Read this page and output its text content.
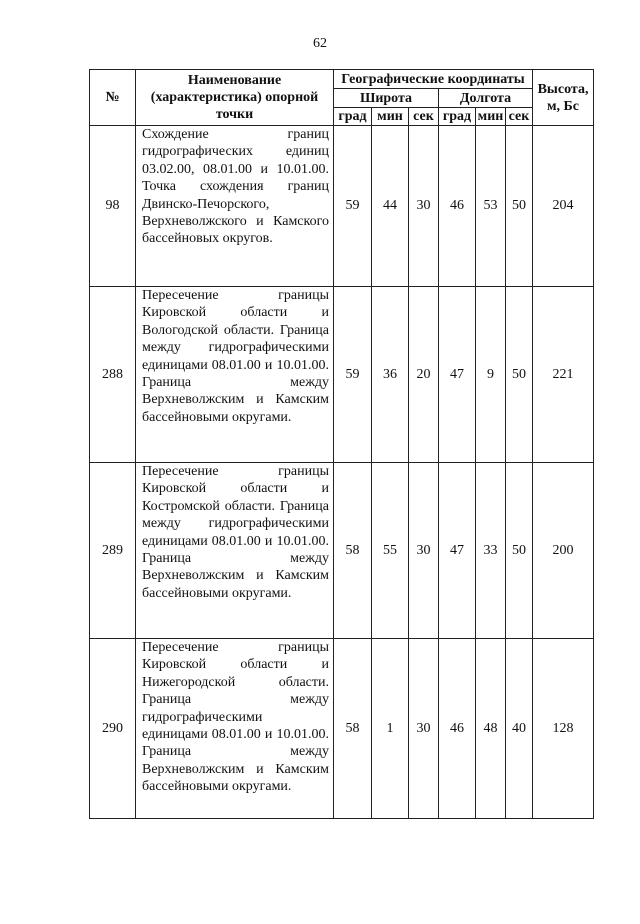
62
№	Наименование (характеристика) опорной точки	Географические координаты						Высота, м, Бс
		Широта			Долгота			
		град	мин	сек	град	мин	сек	
98	Схождение границ гидрографических единиц 03.02.00, 08.01.00 и 10.01.00. Точка схождения границ Двинско-Печорского, Верхневолжского и Камского бассейновых округов.	59	44	30	46	53	50	204
288	Пересечение границы Кировской области и Вологодской области. Граница между гидрографическими единицами 08.01.00 и 10.01.00. Граница между Верхневолжским и Камским бассейновыми округами.	59	36	20	47	9	50	221
289	Пересечение границы Кировской области и Костромской области. Граница между гидрографическими единицами 08.01.00 и 10.01.00. Граница между Верхневолжским и Камским бассейновыми округами.	58	55	30	47	33	50	200
290	Пересечение границы Кировской области и Нижегородской области. Граница между гидрографическими единицами 08.01.00 и 10.01.00. Граница между Верхневолжским и Камским бассейновыми округами.	58	1	30	46	48	40	128
